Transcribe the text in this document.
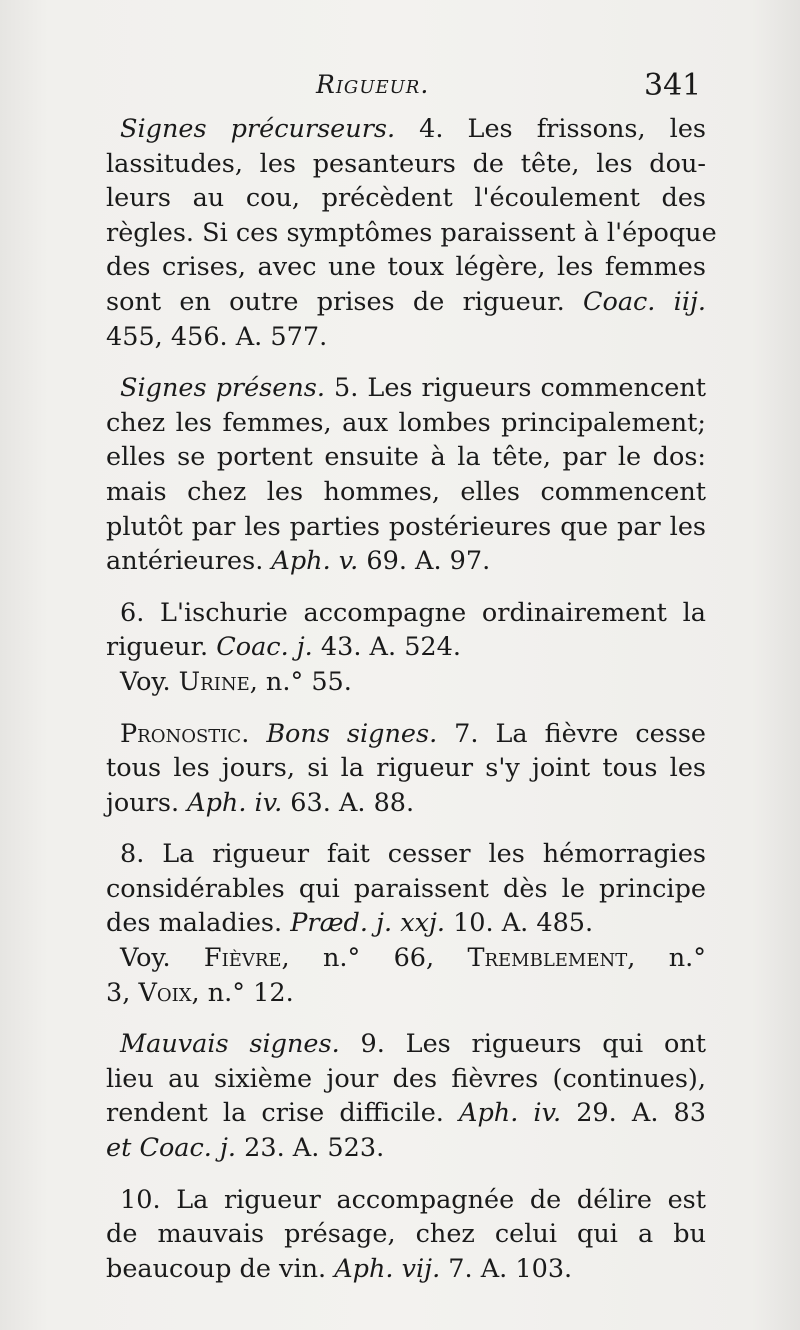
Rigueur.	341
Signes précurseurs. 4. Les frissons, les
lassitudes, les pesanteurs de tête, les dou-
leurs au cou, précèdent l'écoulement des
règles. Si ces symptômes paraissent à l'époque
des crises, avec une toux légère, les femmes
sont en outre prises de rigueur. Coac. iij.
455, 456. A. 577.
Signes présens. 5. Les rigueurs commencent
chez les femmes, aux lombes principalement;
elles se portent ensuite à la tête, par le dos:
mais chez les hommes, elles commencent
plutôt par les parties postérieures que par les
antérieures. Aph. v. 69. A. 97.
6. L'ischurie accompagne ordinairement la
rigueur. Coac. j. 43. A. 524.
Voy. Urine, n.° 55.
Pronostic. Bons signes. 7. La fièvre cesse
tous les jours, si la rigueur s'y joint tous les
jours. Aph. iv. 63. A. 88.
8. La rigueur fait cesser les hémorragies
considérables qui paraissent dès le principe
des maladies. Præd. j. xxj. 10. A. 485.
Voy. Fièvre, n.° 66, Tremblement, n.°
3, Voix, n.° 12.
Mauvais signes. 9. Les rigueurs qui ont
lieu au sixième jour des fièvres (continues),
rendent la crise difficile. Aph. iv. 29. A. 83
et Coac. j. 23. A. 523.
10. La rigueur accompagnée de délire est
de mauvais présage, chez celui qui a bu
beaucoup de vin. Aph. vij. 7. A. 103.
